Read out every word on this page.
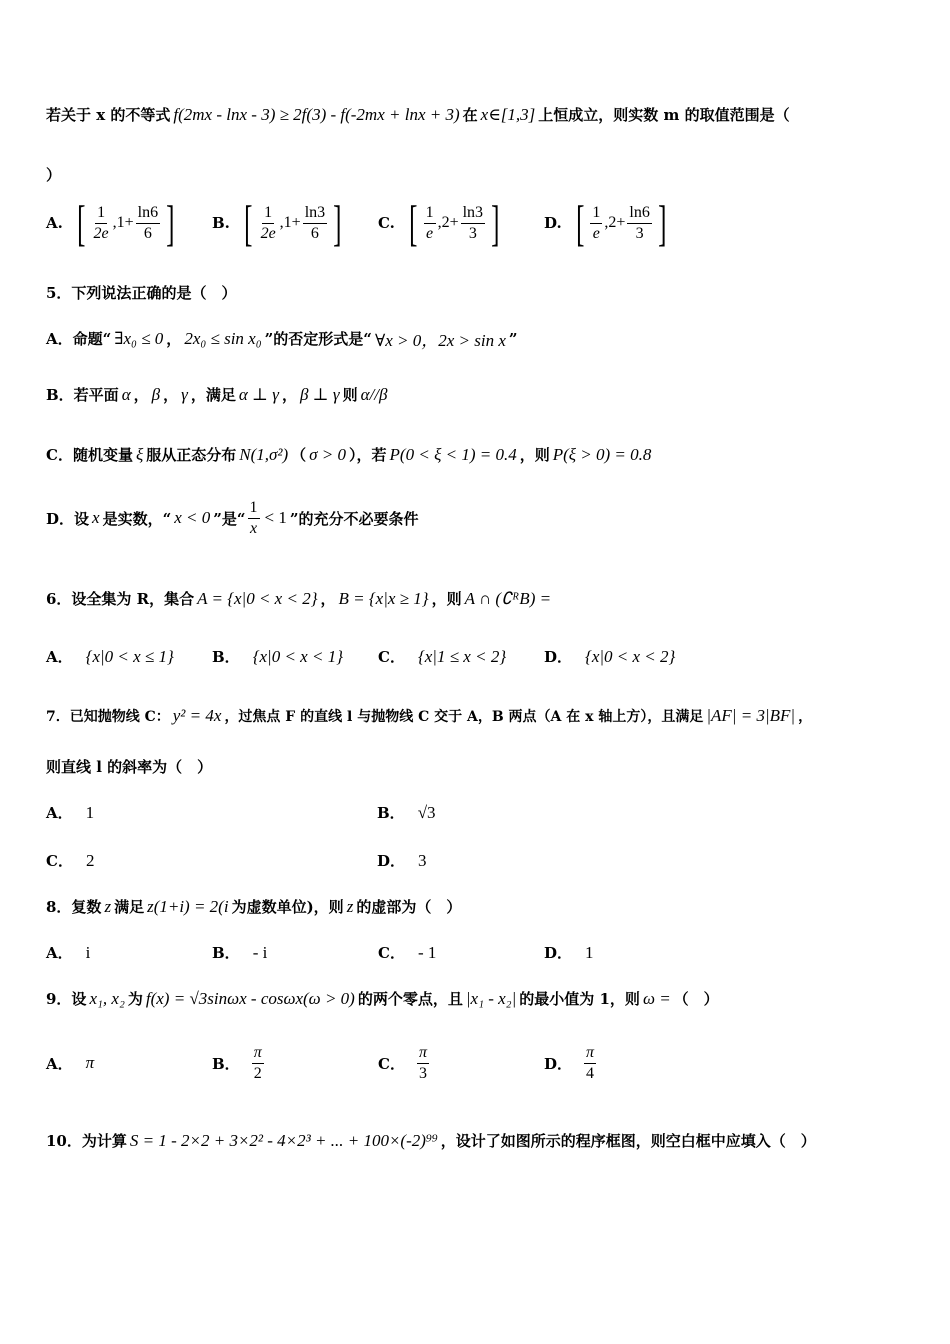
若关于 x 的不等式 f(2mx - lnx - 3) ≥ 2f(3) - f(-2mx + lnx + 3) 在 x∈[1,3] 上恒成立，则实数 m 的取值范围是（
）
A. [ $\frac{1}{2e} ,1+ \frac{\ln 6}{6}$ ] B. [ $\frac{1}{2e} ,1+ \frac{\ln 3}{6}$ ] C. [ $\frac{1}{e} ,2+ \frac{\ln 3}{3}$ ]	D. [ $\frac{1}{e} ,2+ \frac{\ln 6}{3}$ ]
5．下列说法正确的是（　）
A．命题 “ ∃x₀ ≤ 0 ， 2x₀ ≤ sin x₀ ”的否定形式是 “ ∀x > 0，2x > sin x ”
B．若平面 α ， β ， γ ，满足 α ⊥ γ ， β ⊥ γ 则 α//β
C．随机变量 ξ 服从正态分布 N(1,σ²) （ σ > 0 ），若 P(0 < ξ < 1) = 0.4 ，则 P(ξ > 0) = 0.8
D．设 x 是实数，“ x < 0 ”是“ $\frac{1}{x} < 1$ ”的充分不必要条件
6．设全集为 R，集合 A = {x|0 < x < 2} ， B = {x|x ≥ 1} ，则 A ∩ (∁ᴿB) =
A． {x|0 < x ≤ 1}	B． {x|0 < x < 1} C． {x|1 ≤ x < 2}	D． {x|0 < x < 2}
7．已知抛物线 C： y² = 4x ，过焦点 F 的直线 l 与抛物线 C 交于 A，B 两点（A 在 x 轴上方），且满足 |AF| = 3|BF| ，
则直线 l 的斜率为（　）
A． 1	B． √3
C． 2	D． 3
8．复数 z 满足 z(1+i) = 2(i 为虚数单位)，则 z 的虚部为（　）
A． i	B． - i	C． - 1	D． 1
9．设 x₁, x₂ 为 f(x) = √3sinωx - cosωx(ω > 0) 的两个零点，且 |x₁ - x₂| 的最小值为 1，则 ω = （　）
A． π	B． $\frac{\pi}{2}$	C． $\frac{\pi}{3}$	D． $\frac{\pi}{4}$
10．为计算 S = 1 - 2×2 + 3×2² - 4×2³ + ... + 100×(-2)⁹⁹ ，设计了如图所示的程序框图，则空白框中应填入（　）
